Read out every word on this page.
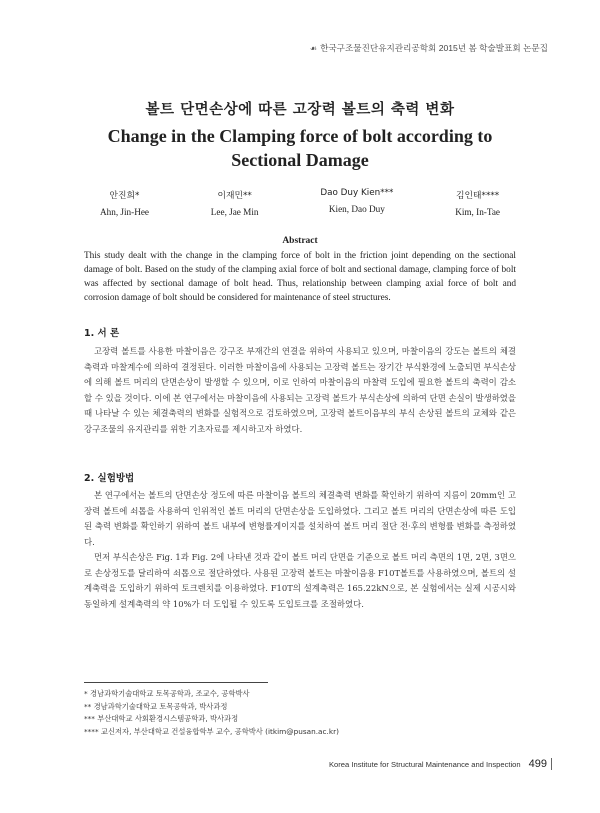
☙ 한국구조물진단유지관리공학회 2015년 봄 학술발표회 논문집
볼트 단면손상에 따른 고장력 볼트의 축력 변화
Change in the Clamping force of bolt according to Sectional Damage
안진희*
Ahn, Jin-Hee
이재민**
Lee, Jae Min
Dao Duy Kien***
Kien, Dao Duy
김인태****
Kim, In-Tae
Abstract
This study dealt with the change in the clamping force of bolt in the friction joint depending on the sectional damage of bolt. Based on the study of the clamping axial force of bolt and sectional damage, clamping force of bolt was affected by sectional damage of bolt head. Thus, relationship between clamping axial force of bolt and corrosion damage of bolt should be considered for maintenance of steel structures.
1. 서 론

고장력 볼트를 사용한 마찰이음은 강구조 부재간의 연결을 위하여 사용되고 있으며, 마찰이음의 강도는 볼트의 체결축력과 마찰계수에 의하여 결정된다. 이러한 마찰이음에 사용되는 고장력 볼트는 장기간 부식환경에 노출되면 부식손상에 의해 볼트 머리의 단면손상이 발생할 수 있으며, 이로 인하여 마찰이음의 마찰력 도입에 필요한 볼트의 축력이 감소할 수 있을 것이다. 이에 본 연구에서는 마찰이음에 사용되는 고장력 볼트가 부식손상에 의하여 단면 손실이 발생하였을 때 나타날 수 있는 체결축력의 변화를 실험적으로 검토하였으며, 고장력 볼트이음부의 부식 손상된 볼트의 교체와 같은 강구조물의 유지관리를 위한 기초자료를 제시하고자 하였다.

2. 실험방법

본 연구에서는 볼트의 단면손상 정도에 따른 마찰이음 볼트의 체결축력 변화를 확인하기 위하여 지름이 20mm인 고장력 볼트에 쇠톱을 사용하여 인위적인 볼트 머리의 단면손상을 도입하였다. 그리고 볼트 머리의 단면손상에 따른 도입된 축력 변화를 확인하기 위하여 볼트 내부에 변형률게이지를 설치하여 볼트 머리 절단 전·후의 변형률 변화를 측정하였다.

먼저 부식손상은 Fig. 1과 Fig. 2에 나타낸 것과 같이 볼트 머리 단면을 기준으로 볼트 머리 측면의 1면, 2면, 3면으로 손상정도를 달리하여 쇠톱으로 절단하였다. 사용된 고장력 볼트는 마찰이음용 F10T볼트를 사용하였으며, 볼트의 설계축력을 도입하기 위하여 토크렌치를 이용하였다. F10T의 설계축력은 165.22kN으로, 본 실험에서는 실제 시공시와 동일하게 설계축력의 약 10%가 더 도입될 수 있도록 도입토크를 조절하였다.

* 경남과학기술대학교 토목공학과, 조교수, 공학박사
** 경남과학기술대학교 토목공학과, 박사과정
*** 부산대학교 사회환경시스템공학과, 박사과정
**** 교신저자, 부산대학교 건설융합학부 교수, 공학박사 (itkim@pusan.ac.kr)
Korea Institute for Structural Maintenance and Inspection 499
